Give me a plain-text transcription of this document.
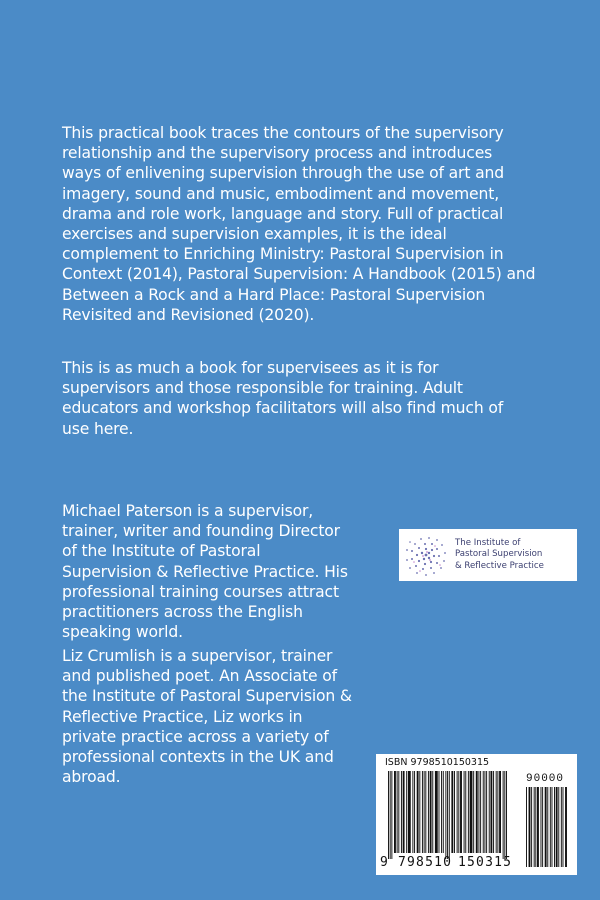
This practical book traces the contours of the supervisory
relationship and the supervisory process and introduces
ways of enlivening supervision through the use of art and
imagery, sound and music, embodiment and movement,
drama and role work, language and story. Full of practical
exercises and supervision examples, it is the ideal
complement to Enriching Ministry: Pastoral Supervision in
Context (2014), Pastoral Supervision: A Handbook (2015) and
Between a Rock and a Hard Place: Pastoral Supervision
Revisited and Revisioned (2020).

This is as much a book for supervisees as it is for
supervisors and those responsible for training. Adult
educators and workshop facilitators will also find much of
use here.

Michael Paterson is a supervisor,
trainer, writer and founding Director
of the Institute of Pastoral
Supervision & Reflective Practice. His
professional training courses attract
practitioners across the English
speaking world.

Liz Crumlish is a supervisor, trainer
and published poet. An Associate of
the Institute of Pastoral Supervision &
Reflective Practice, Liz works in
private practice across a variety of
professional contexts in the UK and
abroad.

The Institute of
Pastoral Supervision
& Reflective Practice
ISBN 9798510150315
90000
9 798510 150315
